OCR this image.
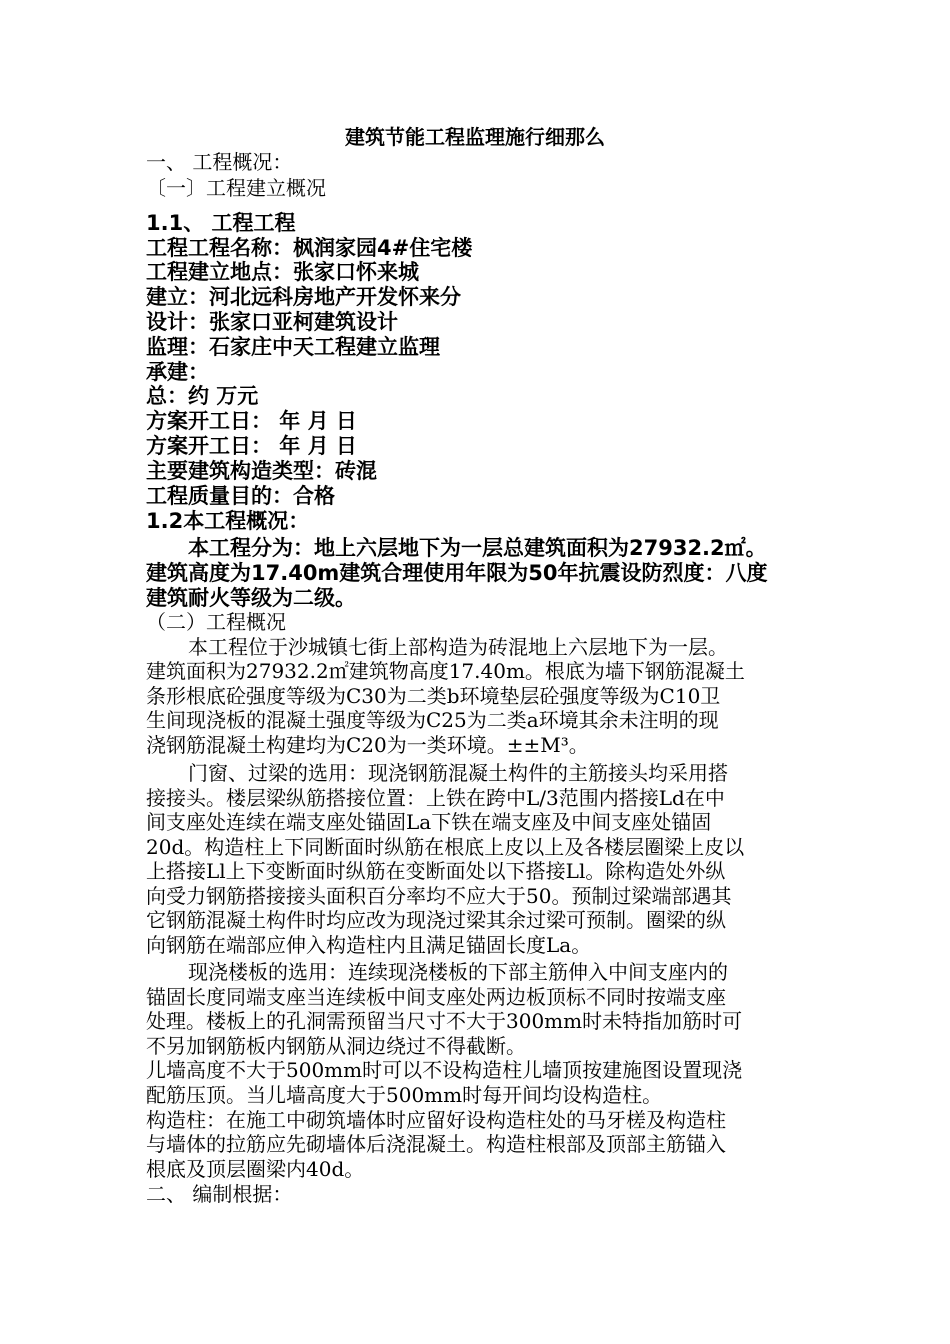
建筑节能工程监理施行细那么

一、 工程概况：

〔一〕工程建立概况

1.1、 工程工程

工程工程名称：枫润家园4#住宅楼

工程建立地点：张家口怀来城

建立：河北远科房地产开发怀来分

设计：张家口亚柯建筑设计

监理：石家庄中天工程建立监理

承建：

总：约 万元

方案开工日： 年 月 日

方案开工日： 年 月 日

主要建筑构造类型：砖混

工程质量目的：合格

1.2本工程概况：

本工程分为：地上六层地下为一层总建筑面积为27932.2㎡。

建筑高度为17.40m建筑合理使用年限为50年抗震设防烈度：八度

建筑耐火等级为二级。

（二）工程概况

本工程位于沙城镇七街上部构造为砖混地上六层地下为一层。

建筑面积为27932.2㎡建筑物高度17.40m。根底为墙下钢筋混凝土

条形根底砼强度等级为C30为二类b环境垫层砼强度等级为C10卫

生间现浇板的混凝土强度等级为C25为二类a环境其余未注明的现

浇钢筋混凝土构建均为C20为一类环境。±±M³。

门窗、过梁的选用：现浇钢筋混凝土构件的主筋接头均采用搭

接接头。楼层梁纵筋搭接位置：上铁在跨中L/3范围内搭接Ld在中

间支座处连续在端支座处锚固La下铁在端支座及中间支座处锚固

20d。构造柱上下同断面时纵筋在根底上皮以上及各楼层圈梁上皮以

上搭接Ll上下变断面时纵筋在变断面处以下搭接Ll。除构造处外纵

向受力钢筋搭接接头面积百分率均不应大于50。预制过梁端部遇其

它钢筋混凝土构件时均应改为现浇过梁其余过梁可预制。圈梁的纵

向钢筋在端部应伸入构造柱内且满足锚固长度La。

现浇楼板的选用：连续现浇楼板的下部主筋伸入中间支座内的

锚固长度同端支座当连续板中间支座处两边板顶标不同时按端支座

处理。楼板上的孔洞需预留当尺寸不大于300mm时未特指加筋时可

不另加钢筋板内钢筋从洞边绕过不得截断。

儿墙高度不大于500mm时可以不设构造柱儿墙顶按建施图设置现浇

配筋压顶。当儿墙高度大于500mm时每开间均设构造柱。

构造柱：在施工中砌筑墙体时应留好设构造柱处的马牙槎及构造柱

与墙体的拉筋应先砌墙体后浇混凝土。构造柱根部及顶部主筋锚入

根底及顶层圈梁内40d。

二、 编制根据：
